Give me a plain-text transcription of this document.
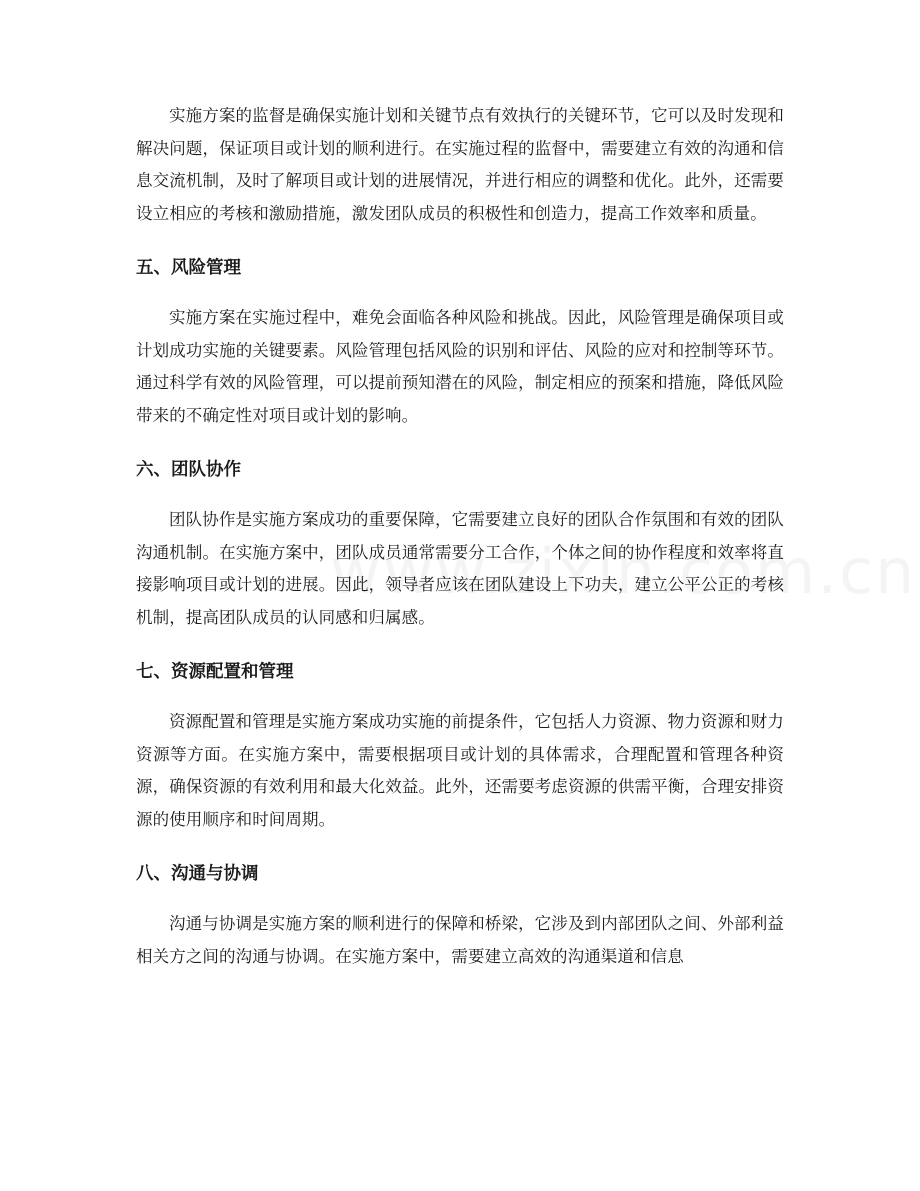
实施方案的监督是确保实施计划和关键节点有效执行的关键环节，它可以及时发现和解决问题，保证项目或计划的顺利进行。在实施过程的监督中，需要建立有效的沟通和信息交流机制，及时了解项目或计划的进展情况，并进行相应的调整和优化。此外，还需要设立相应的考核和激励措施，激发团队成员的积极性和创造力，提高工作效率和质量。

五、风险管理

实施方案在实施过程中，难免会面临各种风险和挑战。因此，风险管理是确保项目或计划成功实施的关键要素。风险管理包括风险的识别和评估、风险的应对和控制等环节。通过科学有效的风险管理，可以提前预知潜在的风险，制定相应的预案和措施，降低风险带来的不确定性对项目或计划的影响。

六、团队协作

团队协作是实施方案成功的重要保障，它需要建立良好的团队合作氛围和有效的团队沟通机制。在实施方案中，团队成员通常需要分工合作，个体之间的协作程度和效率将直接影响项目或计划的进展。因此，领导者应该在团队建设上下功夫，建立公平公正的考核机制，提高团队成员的认同感和归属感。

七、资源配置和管理

资源配置和管理是实施方案成功实施的前提条件，它包括人力资源、物力资源和财力资源等方面。在实施方案中，需要根据项目或计划的具体需求，合理配置和管理各种资源，确保资源的有效利用和最大化效益。此外，还需要考虑资源的供需平衡，合理安排资源的使用顺序和时间周期。

八、沟通与协调

沟通与协调是实施方案的顺利进行的保障和桥梁，它涉及到内部团队之间、外部利益相关方之间的沟通与协调。在实施方案中，需要建立高效的沟通渠道和信息
